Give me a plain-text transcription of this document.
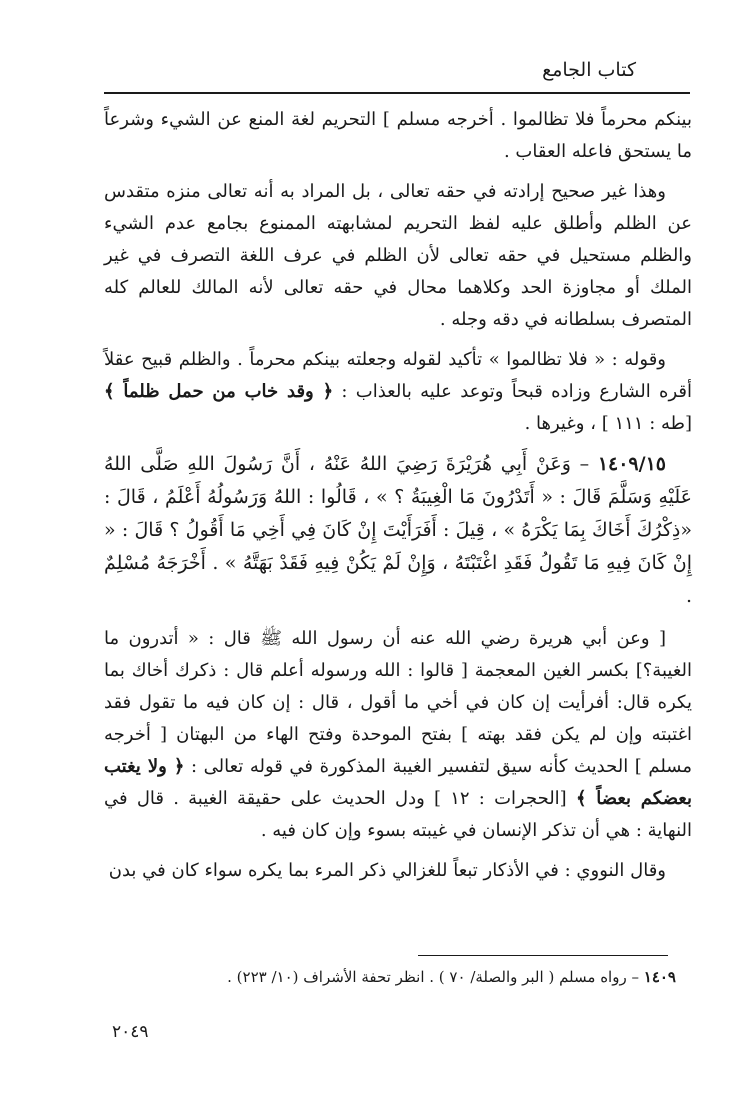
كتاب الجامع

بينكم محرماً فلا تظالموا . أخرجه مسلم ] التحريم لغة المنع عن الشيء وشرعاً ما يستحق فاعله العقاب .

وهذا غير صحيح إرادته في حقه تعالى ، بل المراد به أنه تعالى منزه متقدس عن الظلم وأطلق عليه لفظ التحريم لمشابهته الممنوع بجامع عدم الشيء والظلم مستحيل في حقه تعالى لأن الظلم في عرف اللغة التصرف في غير الملك أو مجاوزة الحد وكلاهما محال في حقه تعالى لأنه المالك للعالم كله المتصرف بسلطانه في دقه وجله .

وقوله : « فلا تظالموا » تأكيد لقوله وجعلته بينكم محرماً . والظلم قبيح عقلاً أقره الشارع وزاده قبحاً وتوعد عليه بالعذاب : ﴿ وقد خاب من حمل ظلماً ﴾ [طه : ١١١ ] ، وغيرها .

١٤٠٩/١٥ – وَعَنْ أَبِي هُرَيْرَةَ رَضِيَ اللهُ عَنْهُ ، أَنَّ رَسُولَ اللهِ صَلَّى اللهُ عَلَيْهِ وَسَلَّمَ قَالَ : « أَتَدْرُونَ مَا الْغِيبَةُ ؟ » ، قَالُوا : اللهُ وَرَسُولُهُ أَعْلَمُ ، قَالَ : «ذِكْرُكَ أَخَاكَ بِمَا يَكْرَهُ » ، قِيلَ : أَفَرَأَيْتَ إِنْ كَانَ فِي أَخِي مَا أَقُولُ ؟ قَالَ : « إِنْ كَانَ فِيهِ مَا تَقُولُ فَقَدِ اغْتَبْتَهُ ، وَإِنْ لَمْ يَكُنْ فِيهِ فَقَدْ بَهَتَّهُ » . أَخْرَجَهُ مُسْلِمٌ .

[ وعن أبي هريرة رضي الله عنه أن رسول الله ﷺ قال : « أتدرون ما الغيبة؟] بكسر الغين المعجمة [ قالوا : الله ورسوله أعلم قال : ذكرك أخاك بما يكره قال: أفرأيت إن كان في أخي ما أقول ، قال : إن كان فيه ما تقول فقد اغتبته وإن لم يكن فقد بهته ] بفتح الموحدة وفتح الهاء من البهتان [ أخرجه مسلم ] الحديث كأنه سيق لتفسير الغيبة المذكورة في قوله تعالى : ﴿ ولا يغتب بعضكم بعضاً ﴾ [الحجرات : ١٢ ] ودل الحديث على حقيقة الغيبة . قال في النهاية : هي أن تذكر الإنسان في غيبته بسوء وإن كان فيه .

وقال النووي : في الأذكار تبعاً للغزالي ذكر المرء بما يكره سواء كان في بدن

١٤٠٩ – رواه مسلم ( البر والصلة/ ٧٠ ) . انظر تحفة الأشراف (١٠/ ٢٢٣) .
٢٠٤٩
